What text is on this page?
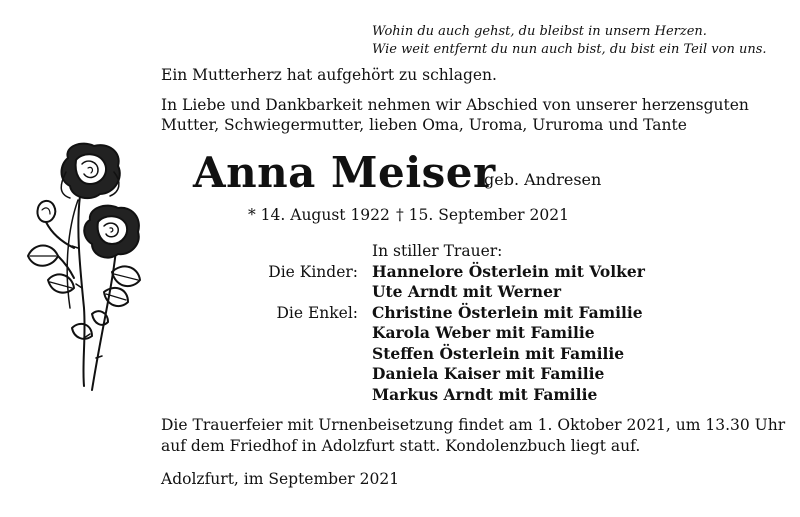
Wohin du auch gehst, du bleibst in unsern Herzen.
Wie weit entfernt du nun auch bist, du bist ein Teil von uns.
Ein Mutterherz hat aufgehört zu schlagen.
In Liebe und Dankbarkeit nehmen wir Abschied von unserer herzensguten
Mutter, Schwiegermutter, lieben Oma, Uroma, Ururoma und Tante
Anna Meiser
geb. Andresen
* 14. August 1922 † 15. September 2021
In stiller Trauer:
Die Kinder: Hannelore Österlein mit Volker
Ute Arndt mit Werner
Die Enkel: Christine Österlein mit Familie
Karola Weber mit Familie
Steffen Österlein mit Familie
Daniela Kaiser mit Familie
Markus Arndt mit Familie
Die Trauerfeier mit Urnenbeisetzung findet am 1. Oktober 2021, um 13.30 Uhr
auf dem Friedhof in Adolzfurt statt. Kondolenzbuch liegt auf.
Adolzfurt, im September 2021
